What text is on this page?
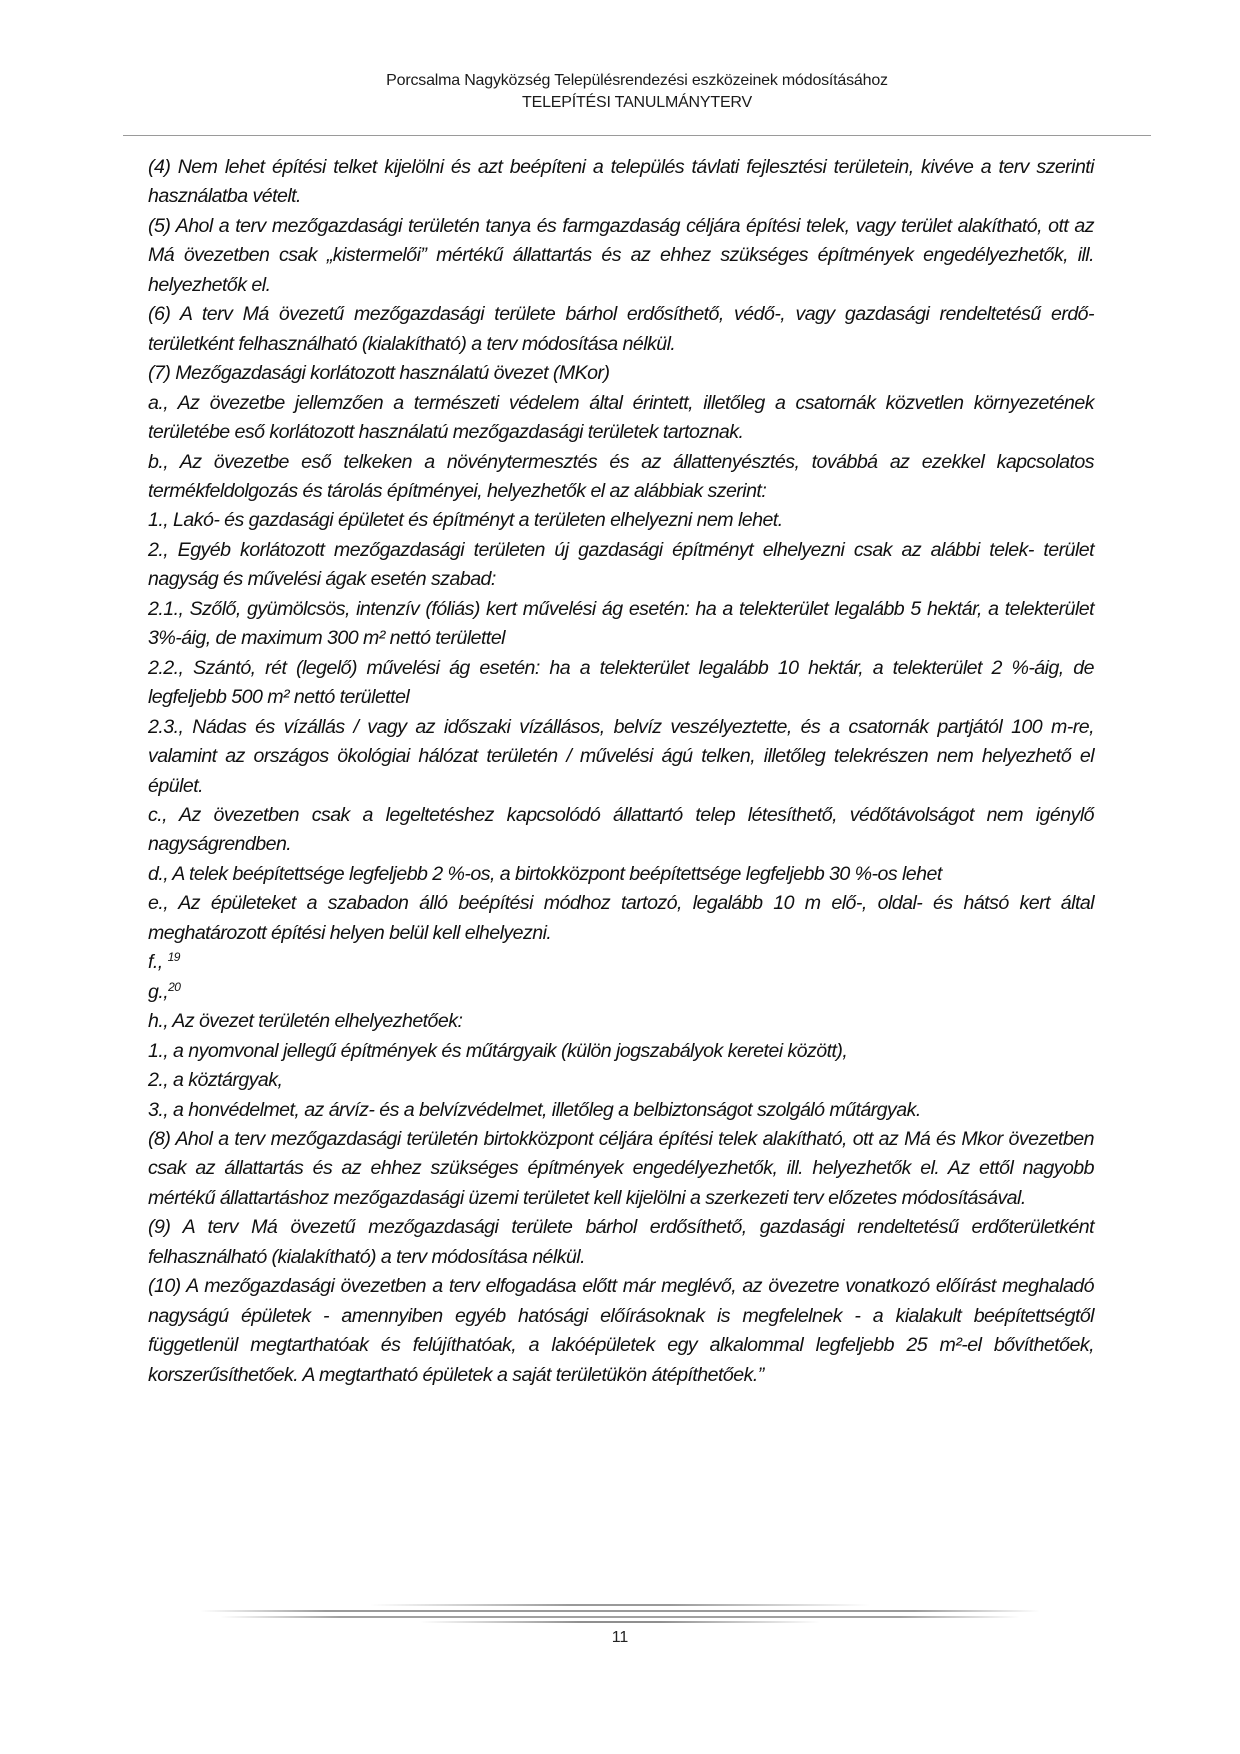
Porcsalma Nagyközség Településrendezési eszközeinek módosításához
TELEPÍTÉSI TANULMÁNYTERV

(4) Nem lehet építési telket kijelölni és azt beépíteni a település távlati fejlesztési területein, kivéve a terv szerinti használatba vételt.

(5) Ahol a terv mezőgazdasági területén tanya és farmgazdaság céljára építési telek, vagy terület alakítható, ott az Má övezetben csak „kistermelői” mértékű állattartás és az ehhez szükséges építmények engedélyezhetők, ill. helyezhetők el.

(6) A terv Má övezetű mezőgazdasági területe bárhol erdősíthető, védő-, vagy gazdasági rendeltetésű erdő- területként felhasználható (kialakítható) a terv módosítása nélkül.

(7) Mezőgazdasági korlátozott használatú övezet (MKor)

a., Az övezetbe jellemzően a természeti védelem által érintett, illetőleg a csatornák közvetlen környezetének területébe eső korlátozott használatú mezőgazdasági területek tartoznak.

b., Az övezetbe eső telkeken a növénytermesztés és az állattenyésztés, továbbá az ezekkel kapcsolatos termékfeldolgozás és tárolás építményei, helyezhetők el az alábbiak szerint:

1., Lakó- és gazdasági épületet és építményt a területen elhelyezni nem lehet.

2., Egyéb korlátozott mezőgazdasági területen új gazdasági építményt elhelyezni csak az alábbi telek- terület nagyság és művelési ágak esetén szabad:

2.1., Szőlő, gyümölcsös, intenzív (fóliás) kert művelési ág esetén: ha a telekterület legalább 5 hektár, a telekterület 3%-áig, de maximum 300 m² nettó területtel

2.2., Szántó, rét (legelő) művelési ág esetén: ha a telekterület legalább 10 hektár, a telekterület 2 %-áig, de legfeljebb 500 m² nettó területtel

2.3., Nádas és vízállás / vagy az időszaki vízállásos, belvíz veszélyeztette, és a csatornák partjától 100 m-re, valamint az országos ökológiai hálózat területén / művelési ágú telken, illetőleg telekrészen nem helyezhető el épület.

c., Az övezetben csak a legeltetéshez kapcsolódó állattartó telep létesíthető, védőtávolságot nem igénylő nagyságrendben.

d., A telek beépítettsége legfeljebb 2 %-os, a birtokközpont beépítettsége legfeljebb 30 %-os lehet

e., Az épületeket a szabadon álló beépítési módhoz tartozó, legalább 10 m elő-, oldal- és hátsó kert által meghatározott építési helyen belül kell elhelyezni.

f., $^{19}$

g.,$^{20}$

h., Az övezet területén elhelyezhetőek:

1., a nyomvonal jellegű építmények és műtárgyaik (külön jogszabályok keretei között),

2., a köztárgyak,

3., a honvédelmet, az árvíz- és a belvízvédelmet, illetőleg a belbiztonságot szolgáló műtárgyak.

(8) Ahol a terv mezőgazdasági területén birtokközpont céljára építési telek alakítható, ott az Má és Mkor övezetben csak az állattartás és az ehhez szükséges építmények engedélyezhetők, ill. helyezhetők el. Az ettől nagyobb mértékű állattartáshoz mezőgazdasági üzemi területet kell kijelölni a szerkezeti terv előzetes módosításával.

(9) A terv Má övezetű mezőgazdasági területe bárhol erdősíthető, gazdasági rendeltetésű erdőterületként felhasználható (kialakítható) a terv módosítása nélkül.

(10) A mezőgazdasági övezetben a terv elfogadása előtt már meglévő, az övezetre vonatkozó előírást meghaladó nagyságú épületek - amennyiben egyéb hatósági előírásoknak is megfelelnek - a kialakult beépítettségtől függetlenül megtarthatóak és felújíthatóak, a lakóépületek egy alkalommal legfeljebb 25 m²-el bővíthetőek, korszerűsíthetőek. A megtartható épületek a saját területükön átépíthetőek.”

11
